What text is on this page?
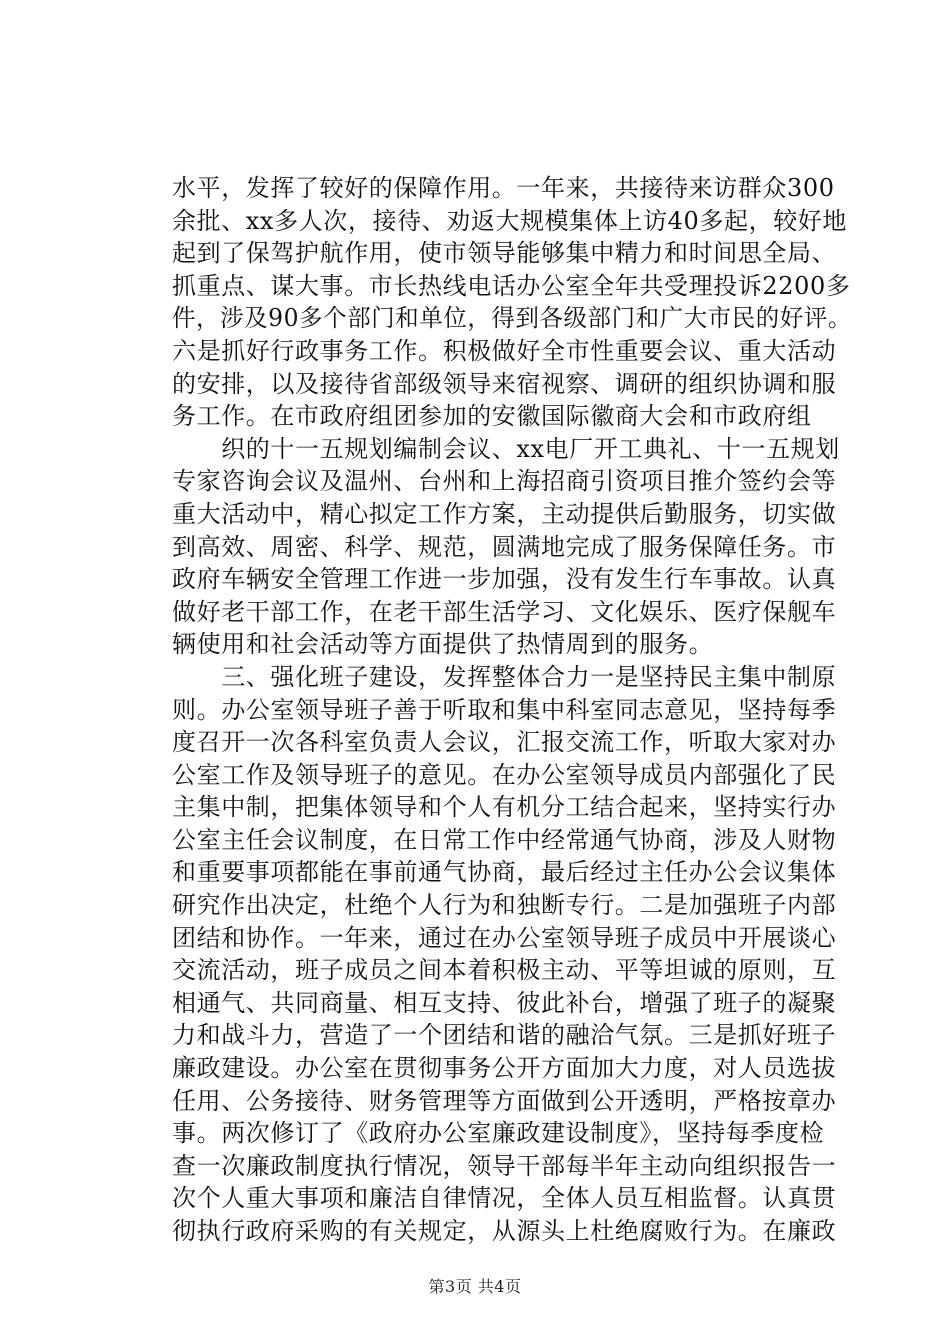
水平，发挥了较好的保障作用。一年来，共接待来访群众300
余批、xx多人次，接待、劝返大规模集体上访40多起，较好地
起到了保驾护航作用，使市领导能够集中精力和时间思全局、
抓重点、谋大事。市长热线电话办公室全年共受理投诉2200多
件，涉及90多个部门和单位，得到各级部门和广大市民的好评。
六是抓好行政事务工作。积极做好全市性重要会议、重大活动
的安排，以及接待省部级领导来宿视察、调研的组织协调和服
务工作。在市政府组团参加的安徽国际徽商大会和市政府组
　　织的十一五规划编制会议、xx电厂开工典礼、十一五规划
专家咨询会议及温州、台州和上海招商引资项目推介签约会等
重大活动中，精心拟定工作方案，主动提供后勤服务，切实做
到高效、周密、科学、规范，圆满地完成了服务保障任务。市
政府车辆安全管理工作进一步加强，没有发生行车事故。认真
做好老干部工作，在老干部生活学习、文化娱乐、医疗保舰车
辆使用和社会活动等方面提供了热情周到的服务。
　　三、强化班子建设，发挥整体合力一是坚持民主集中制原
则。办公室领导班子善于听取和集中科室同志意见，坚持每季
度召开一次各科室负责人会议，汇报交流工作，听取大家对办
公室工作及领导班子的意见。在办公室领导成员内部强化了民
主集中制，把集体领导和个人有机分工结合起来，坚持实行办
公室主任会议制度，在日常工作中经常通气协商，涉及人财物
和重要事项都能在事前通气协商，最后经过主任办公会议集体
研究作出决定，杜绝个人行为和独断专行。二是加强班子内部
团结和协作。一年来，通过在办公室领导班子成员中开展谈心
交流活动，班子成员之间本着积极主动、平等坦诚的原则，互
相通气、共同商量、相互支持、彼此补台，增强了班子的凝聚
力和战斗力，营造了一个团结和谐的融洽气氛。三是抓好班子
廉政建设。办公室在贯彻事务公开方面加大力度，对人员选拔
任用、公务接待、财务管理等方面做到公开透明，严格按章办
事。两次修订了《政府办公室廉政建设制度》，坚持每季度检
查一次廉政制度执行情况，领导干部每半年主动向组织报告一
次个人重大事项和廉洁自律情况，全体人员互相监督。认真贯
彻执行政府采购的有关规定，从源头上杜绝腐败行为。在廉政
第3页 共4页
